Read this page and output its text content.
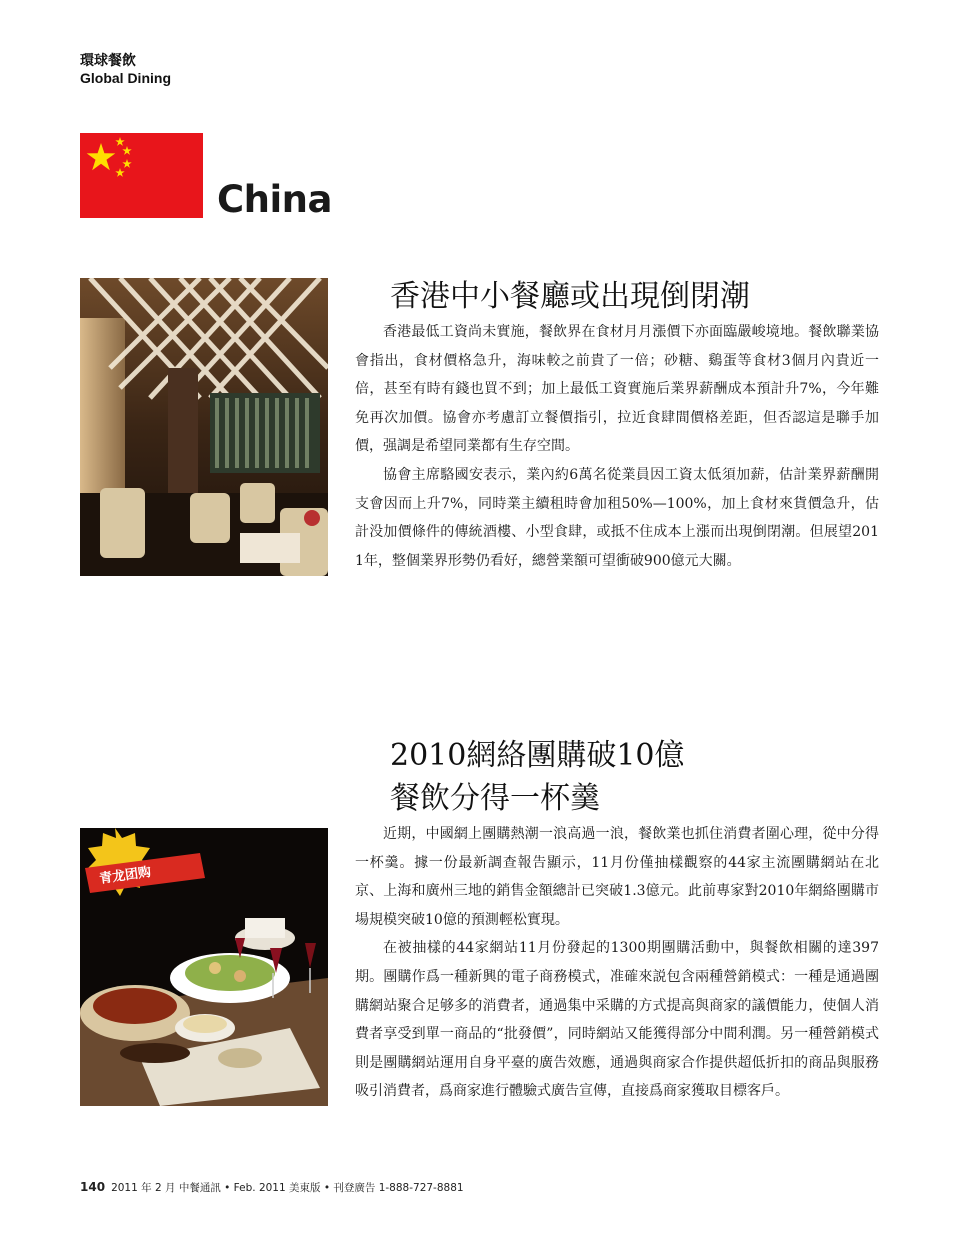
環球餐飲
Global Dining
China
香港中小餐廳或出現倒閉潮

香港最低工資尚未實施，餐飲界在食材月月漲價下亦面臨嚴峻境地。餐飲聯業協會指出，食材價格急升，海味較之前貴了一倍；砂糖、鷄蛋等食材3個月內貴近一倍，甚至有時有錢也買不到；加上最低工資實施后業界薪酬成本預計升7%，今年難免再次加價。協會亦考慮訂立餐價指引，拉近食肆間價格差距，但否認這是聯手加價，强調是希望同業都有生存空間。

協會主席駱國安表示，業內約6萬名從業員因工資太低須加薪，估計業界薪酬開支會因而上升7%，同時業主續租時會加租50%—100%，加上食材來貨價急升，估計没加價條件的傳統酒樓、小型食肆，或抵不住成本上漲而出現倒閉潮。但展望2011年，整個業界形勢仍看好，總營業額可望衝破900億元大關。

2010網絡團購破10億
餐飲分得一杯羹
青龙团购

近期，中國網上團購熱潮一浪高過一浪，餐飲業也抓住消費者圍心理，從中分得一杯羹。據一份最新調查報告顯示，11月份僅抽樣觀察的44家主流團購網站在北京、上海和廣州三地的銷售金額總計已突破1.3億元。此前專家對2010年網絡團購市場規模突破10億的預測輕松實現。

在被抽樣的44家網站11月份發起的1300期團購活動中，與餐飲相關的達397期。團購作爲一種新興的電子商務模式，准確來説包含兩種營銷模式：一種是通過團購網站聚合足够多的消費者，通過集中采購的方式提高與商家的議價能力，使個人消費者享受到單一商品的“批發價”，同時網站又能獲得部分中間利潤。另一種營銷模式則是團購網站運用自身平臺的廣告效應，通過與商家合作提供超低折扣的商品與服務吸引消費者，爲商家進行體驗式廣告宣傳，直接爲商家獲取目標客戶。

140 2011 年 2 月 中餐通訊 • Feb. 2011 美東版 • 刊登廣告 1-888-727-8881
